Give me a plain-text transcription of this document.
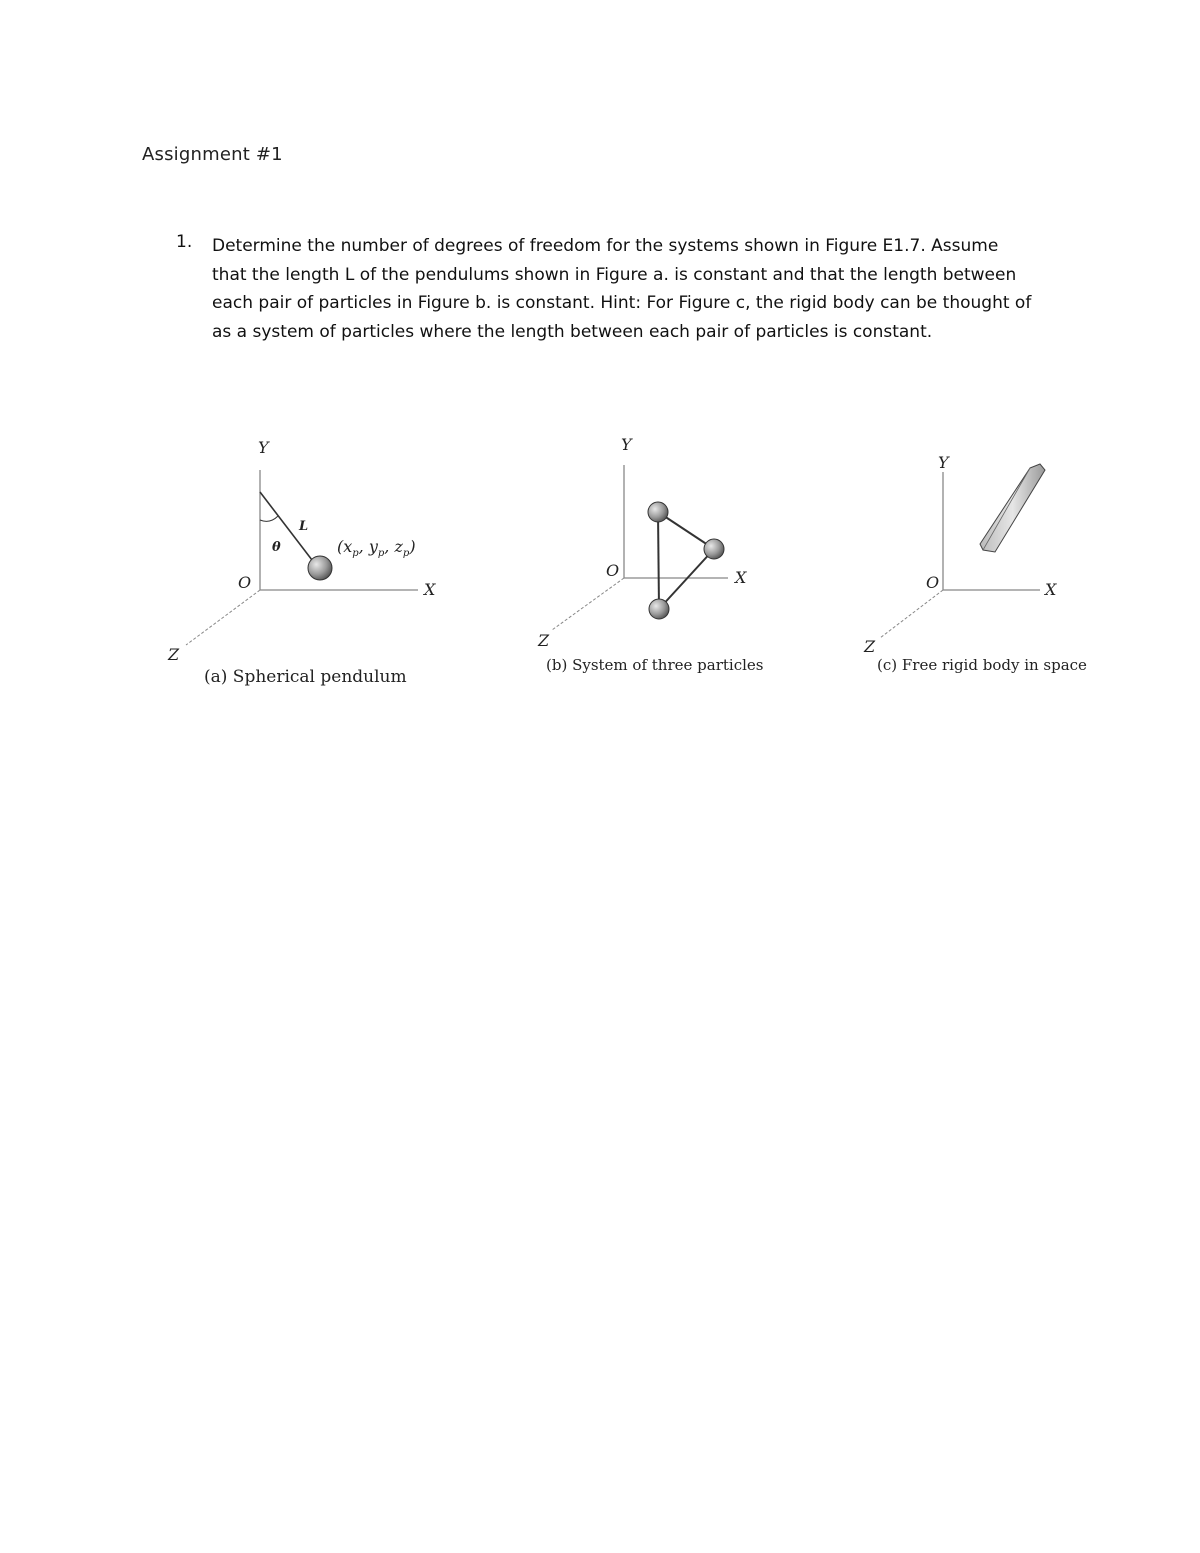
Assignment #1
1. Determine the number of degrees of freedom for the systems shown in Figure E1.7. Assume
that the length L of the pendulums shown in Figure a. is constant and that the length between
each pair of particles in Figure b. is constant. Hint: For Figure c, the rigid body can be thought of
as a system of particles where the length between each pair of particles is constant.
Y
X
Z
O
L
θ	($x_p$, $y_p$, $z_p$)
(a) Spherical pendulum
Y
X
Z
O
(b) System of three particles
Y
X
Z
O
(c) Free rigid body in space
